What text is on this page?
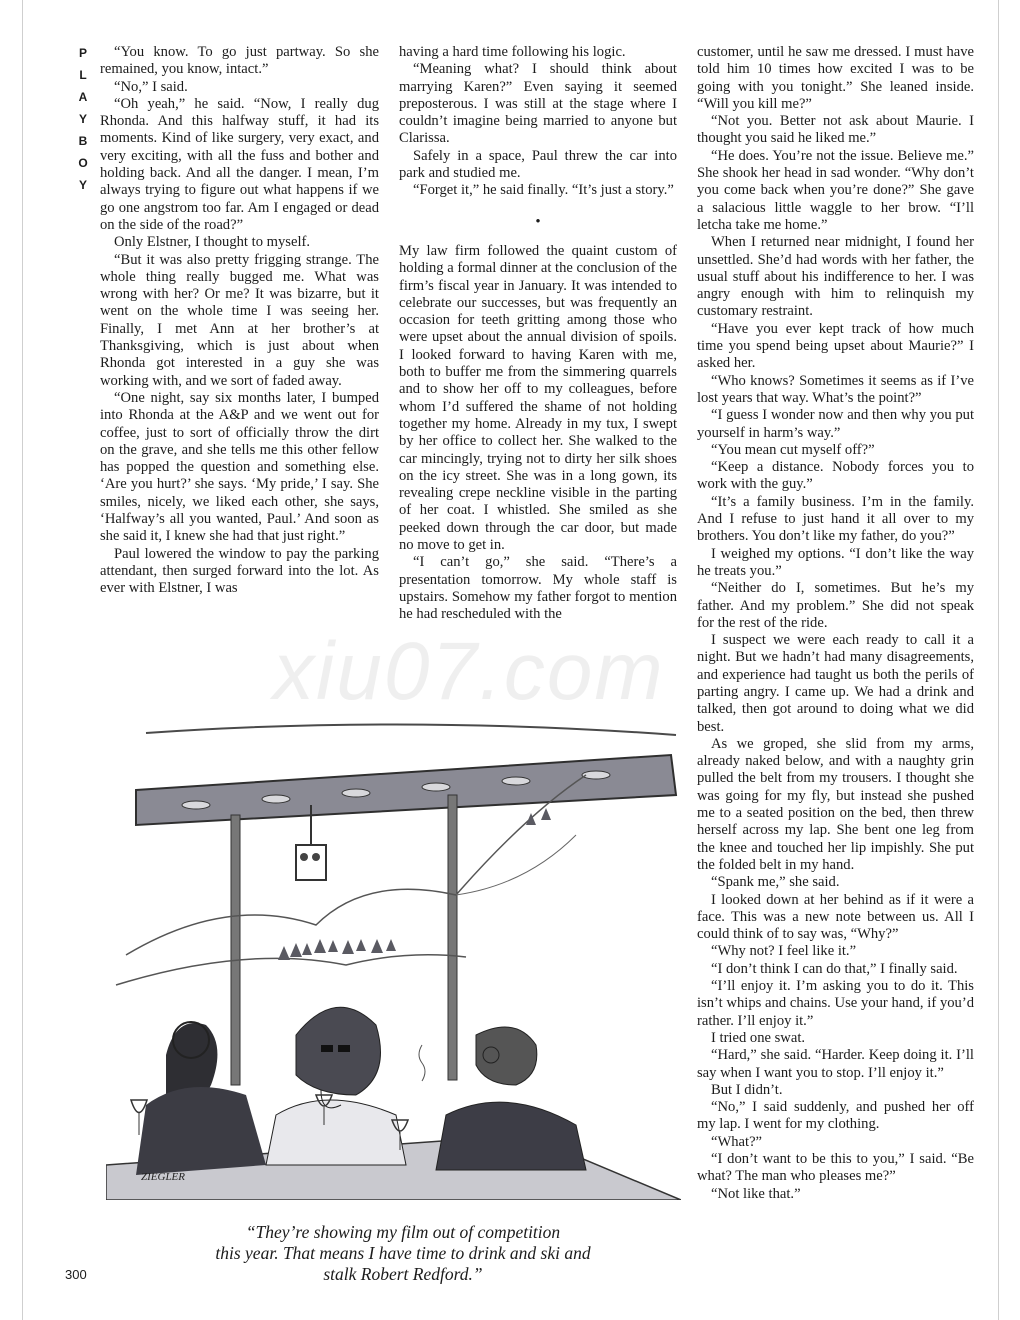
P
L
A
Y
B
O
Y

“You know. To go just partway. So she remained, you know, intact.”

“No,” I said.

“Oh yeah,” he said. “Now, I really dug Rhonda. And this halfway stuff, it had its moments. Kind of like surgery, very exact, and very exciting, with all the fuss and bother and holding back. And all the danger. I mean, I’m always trying to figure out what happens if we go one angstrom too far. Am I engaged or dead on the side of the road?”

Only Elstner, I thought to myself.

“But it was also pretty frigging strange. The whole thing really bugged me. What was wrong with her? Or me? It was bizarre, but it went on the whole time I was seeing her. Finally, I met Ann at her brother’s at Thanksgiving, which is just about when Rhonda got interested in a guy she was working with, and we sort of faded away.

“One night, say six months later, I bumped into Rhonda at the A&P and we went out for coffee, just to sort of officially throw the dirt on the grave, and she tells me this other fellow has popped the question and something else. ‘Are you hurt?’ she says. ‘My pride,’ I say. She smiles, nicely, we liked each other, she says, ‘Halfway’s all you wanted, Paul.’ And soon as she said it, I knew she had that just right.”

Paul lowered the window to pay the parking attendant, then surged forward into the lot. As ever with Elstner, I was

having a hard time following his logic.

“Meaning what? I should think about marrying Karen?” Even saying it seemed preposterous. I was still at the stage where I couldn’t imagine being married to anyone but Clarissa.

Safely in a space, Paul threw the car into park and studied me.

“Forget it,” he said finally. “It’s just a story.”

•

My law firm followed the quaint custom of holding a formal dinner at the conclusion of the firm’s fiscal year in January. It was intended to celebrate our successes, but was frequently an occasion for teeth gritting among those who were upset about the annual division of spoils. I looked forward to having Karen with me, both to buffer me from the simmering quarrels and to show her off to my colleagues, before whom I’d suffered the shame of not holding together my home. Already in my tux, I swept by her office to collect her. She walked to the car mincingly, trying not to dirty her silk shoes on the icy street. She was in a long gown, its revealing crepe neckline visible in the parting of her coat. I whistled. She smiled as she peeked down through the car door, but made no move to get in.

“I can’t go,” she said. “There’s a presentation tomorrow. My whole staff is upstairs. Somehow my father forgot to mention he had rescheduled with the

customer, until he saw me dressed. I must have told him 10 times how excited I was to be going with you tonight.” She leaned inside. “Will you kill me?”

“Not you. Better not ask about Maurie. I thought you said he liked me.”

“He does. You’re not the issue. Believe me.” She shook her head in sad wonder. “Why don’t you come back when you’re done?” She gave a salacious little waggle to her brow. “I’ll letcha take me home.”

When I returned near midnight, I found her unsettled. She’d had words with her father, the usual stuff about his indifference to her. I was angry enough with him to relinquish my customary restraint.

“Have you ever kept track of how much time you spend being upset about Maurie?” I asked her.

“Who knows? Sometimes it seems as if I’ve lost years that way. What’s the point?”

“I guess I wonder now and then why you put yourself in harm’s way.”

“You mean cut myself off?”

“Keep a distance. Nobody forces you to work with the guy.”

“It’s a family business. I’m in the family. And I refuse to just hand it all over to my brothers. You don’t like my father, do you?”

I weighed my options. “I don’t like the way he treats you.”

“Neither do I, sometimes. But he’s my father. And my problem.” She did not speak for the rest of the ride.

I suspect we were each ready to call it a night. But we hadn’t had many disagreements, and experience had taught us both the perils of parting angry. I came up. We had a drink and talked, then got around to doing what we did best.

As we groped, she slid from my arms, already naked below, and with a naughty grin pulled the belt from my trousers. I thought she was going for my fly, but instead she pushed me to a seated position on the bed, then threw herself across my lap. She bent one leg from the knee and touched her lip impishly. She put the folded belt in my hand.

“Spank me,” she said.

I looked down at her behind as if it were a face. This was a new note between us. All I could think of to say was, “Why?”

“Why not? I feel like it.”

“I don’t think I can do that,” I finally said.

“I’ll enjoy it. I’m asking you to do it. This isn’t whips and chains. Use your hand, if you’d rather. I’ll enjoy it.”

I tried one swat.

“Hard,” she said. “Harder. Keep doing it. I’ll say when I want you to stop. I’ll enjoy it.”

But I didn’t.

“No,” I said suddenly, and pushed her off my lap. I went for my clothing.

“What?”

“I don’t want to be this to you,” I said. “Be what? The man who pleases me?”

“Not like that.”

ZIEGLER
“They’re showing my film out of competition
this year. That means I have time to drink and ski and
stalk Robert Redford.”
300
xiu07.com
